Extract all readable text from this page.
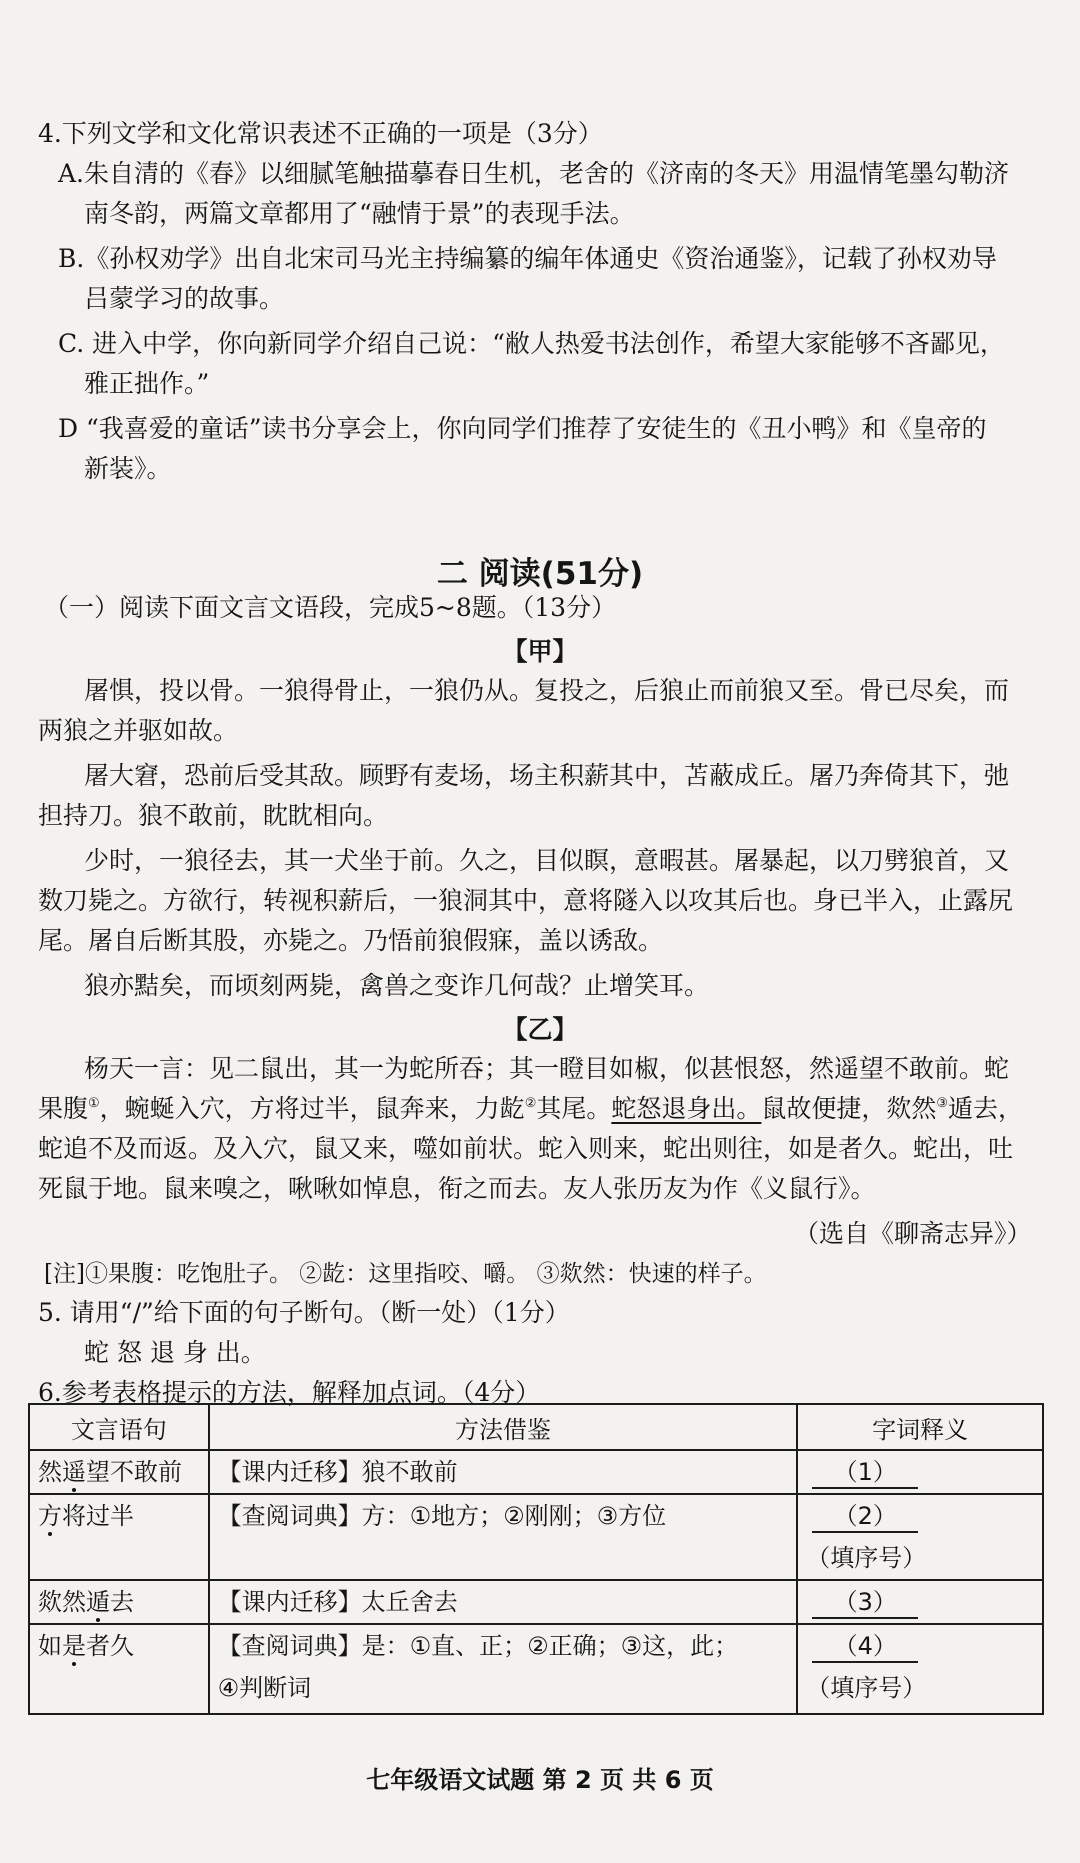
4.下列文学和文化常识表述不正确的一项是（3分）
A.朱自清的《春》以细腻笔触描摹春日生机，老舍的《济南的冬天》用温情笔墨勾勒济
南冬韵，两篇文章都用了“融情于景”的表现手法。
B.《孙权劝学》出自北宋司马光主持编纂的编年体通史《资治通鉴》，记载了孙权劝导
吕蒙学习的故事。
C. 进入中学，你向新同学介绍自己说：“敝人热爱书法创作，希望大家能够不吝鄙见，
雅正拙作。”
D “我喜爱的童话”读书分享会上，你向同学们推荐了安徒生的《丑小鸭》和《皇帝的
新装》。
二 阅读(51分)
（一）阅读下面文言文语段，完成5~8题。（13分）
【甲】
屠惧，投以骨。一狼得骨止，一狼仍从。复投之，后狼止而前狼又至。骨已尽矣，而
两狼之并驱如故。
屠大窘，恐前后受其敌。顾野有麦场，场主积薪其中，苫蔽成丘。屠乃奔倚其下，弛
担持刀。狼不敢前，眈眈相向。
少时，一狼径去，其一犬坐于前。久之，目似瞑，意暇甚。屠暴起，以刀劈狼首，又
数刀毙之。方欲行，转视积薪后，一狼洞其中，意将隧入以攻其后也。身已半入，止露尻
尾。屠自后断其股，亦毙之。乃悟前狼假寐，盖以诱敌。
狼亦黠矣，而顷刻两毙，禽兽之变诈几何哉？止增笑耳。
【乙】
杨天一言：见二鼠出，其一为蛇所吞；其一瞪目如椒，似甚恨怒，然遥望不敢前。蛇
果腹①，蜿蜒入穴，方将过半，鼠奔来，力龁②其尾。蛇怒退身出。鼠故便捷，欻然③遁去，
蛇追不及而返。及入穴，鼠又来，噬如前状。蛇入则来，蛇出则往，如是者久。蛇出，吐
死鼠于地。鼠来嗅之，啾啾如悼息，衔之而去。友人张历友为作《义鼠行》。
（选自《聊斋志异》）
[注]①果腹：吃饱肚子。 ②龁：这里指咬、嚼。 ③欻然：快速的样子。
5. 请用“/”给下面的句子断句。（断一处）（1分）
蛇 怒 退 身 出。
6.参考表格提示的方法，解释加点词。（4分）
文言语句	方法借鉴	字词释义
然遥望不敢前	【课内迁移】狼不敢前	（1）
方将过半	【查阅词典】方：①地方；②刚刚；③方位	（2）（填序号）
欻然遁去	【课内迁移】太丘舍去	（3）
如是者久	【查阅词典】是：①直、正；②正确；③这，此；
④判断词	（4）（填序号）
七年级语文试题 第 2 页 共 6 页
